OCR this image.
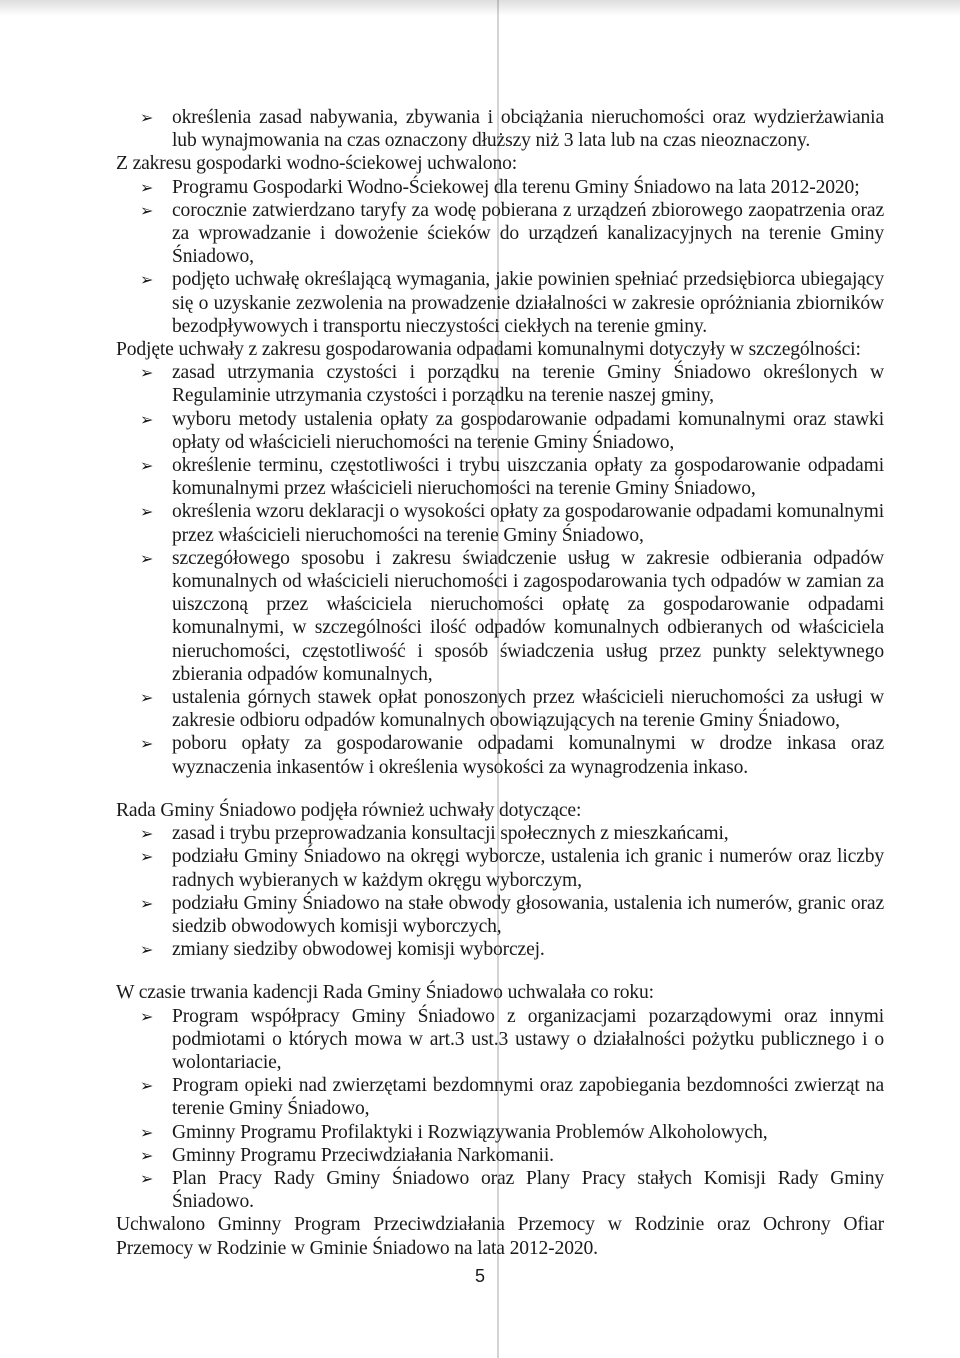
➢ określenia zasad nabywania, zbywania i obciążania nieruchomości oraz wydzierżawiania lub wynajmowania na czas oznaczony dłuższy niż 3 lata lub na czas nieoznaczony.

Z zakresu gospodarki wodno-ściekowej uchwalono:

➢ Programu Gospodarki Wodno-Ściekowej dla terenu Gminy Śniadowo na lata 2012-2020;

➢ corocznie zatwierdzano taryfy za wodę pobierana z urządzeń zbiorowego zaopatrzenia oraz za wprowadzanie i dowożenie ścieków do urządzeń kanalizacyjnych na terenie Gminy Śniadowo,

➢ podjęto uchwałę określającą wymagania, jakie powinien spełniać przedsiębiorca ubiegający się o uzyskanie zezwolenia na prowadzenie działalności w zakresie opróżniania zbiorników bezodpływowych i transportu nieczystości ciekłych na terenie gminy.

Podjęte uchwały z zakresu gospodarowania odpadami komunalnymi dotyczyły w szczególności:

➢ zasad utrzymania czystości i porządku na terenie Gminy Śniadowo określonych w Regulaminie utrzymania czystości i porządku na terenie naszej gminy,

➢ wyboru metody ustalenia opłaty za gospodarowanie odpadami komunalnymi oraz stawki opłaty od właścicieli nieruchomości na terenie Gminy Śniadowo,

➢ określenie terminu, częstotliwości i trybu uiszczania opłaty za gospodarowanie odpadami komunalnymi przez właścicieli nieruchomości na terenie Gminy Śniadowo,

➢ określenia wzoru deklaracji o wysokości opłaty za gospodarowanie odpadami komunalnymi przez właścicieli nieruchomości na terenie Gminy Śniadowo,

➢ szczegółowego sposobu i zakresu świadczenie usług w zakresie odbierania odpadów komunalnych od właścicieli nieruchomości i zagospodarowania tych odpadów w zamian za uiszczoną przez właściciela nieruchomości opłatę za gospodarowanie odpadami komunalnymi, w szczególności ilość odpadów komunalnych odbieranych od właściciela nieruchomości, częstotliwość i sposób świadczenia usług przez punkty selektywnego zbierania odpadów komunalnych,

➢ ustalenia górnych stawek opłat ponoszonych przez właścicieli nieruchomości za usługi w zakresie odbioru odpadów komunalnych obowiązujących na terenie Gminy Śniadowo,

➢ poboru opłaty za gospodarowanie odpadami komunalnymi w drodze inkasa oraz wyznaczenia inkasentów i określenia wysokości za wynagrodzenia inkaso.

Rada Gminy Śniadowo podjęła również uchwały dotyczące:

➢ zasad i trybu przeprowadzania konsultacji społecznych z mieszkańcami,

➢ podziału Gminy Śniadowo na okręgi wyborcze, ustalenia ich granic i numerów oraz liczby radnych wybieranych w każdym okręgu wyborczym,

➢ podziału Gminy Śniadowo na stałe obwody głosowania, ustalenia ich numerów, granic oraz siedzib obwodowych komisji wyborczych,

➢ zmiany siedziby obwodowej komisji wyborczej.

W czasie trwania kadencji Rada Gminy Śniadowo uchwalała co roku:

➢ Program współpracy Gminy Śniadowo z organizacjami pozarządowymi oraz innymi podmiotami o których mowa w art.3 ust.3 ustawy o działalności pożytku publicznego i o wolontariacie,

➢ Program opieki nad zwierzętami bezdomnymi oraz zapobiegania bezdomności zwierząt na terenie Gminy Śniadowo,

➢ Gminny Programu Profilaktyki i Rozwiązywania Problemów Alkoholowych,

➢ Gminny Programu Przeciwdziałania Narkomanii.

➢ Plan Pracy Rady Gminy Śniadowo oraz Plany Pracy stałych Komisji Rady Gminy Śniadowo.

Uchwalono Gminny Program Przeciwdziałania Przemocy w Rodzinie oraz Ochrony Ofiar Przemocy w Rodzinie w Gminie Śniadowo na lata 2012-2020.

5
